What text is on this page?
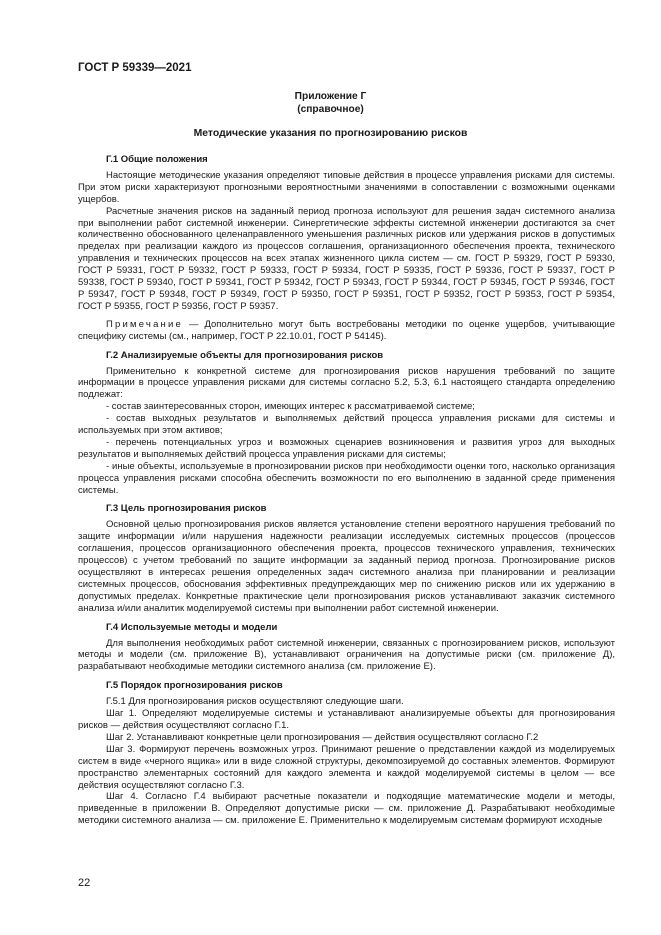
ГОСТ Р 59339—2021
Приложение Г
(справочное)
Методические указания по прогнозированию рисков
Г.1 Общие положения

Настоящие методические указания определяют типовые действия в процессе управления рисками для системы. При этом риски характеризуют прогнозными вероятностными значениями в сопоставлении с возможными оценками ущербов.

Расчетные значения рисков на заданный период прогноза используют для решения задач системного анализа при выполнении работ системной инженерии. Синергетические эффекты системной инженерии достигаются за счет количественно обоснованного целенаправленного уменьшения различных рисков или удержания рисков в допустимых пределах при реализации каждого из процессов соглашения, организационного обеспечения проекта, технического управления и технических процессов на всех этапах жизненного цикла систем — см. ГОСТ Р 59329, ГОСТ Р 59330, ГОСТ Р 59331, ГОСТ Р 59332, ГОСТ Р 59333, ГОСТ Р 59334, ГОСТ Р 59335, ГОСТ Р 59336, ГОСТ Р 59337, ГОСТ Р 59338, ГОСТ Р 59340, ГОСТ Р 59341, ГОСТ Р 59342, ГОСТ Р 59343, ГОСТ Р 59344, ГОСТ Р 59345, ГОСТ Р 59346, ГОСТ Р 59347, ГОСТ Р 59348, ГОСТ Р 59349, ГОСТ Р 59350, ГОСТ Р 59351, ГОСТ Р 59352, ГОСТ Р 59353, ГОСТ Р 59354, ГОСТ Р 59355, ГОСТ Р 59356, ГОСТ Р 59357.

Примечание — Дополнительно могут быть востребованы методики по оценке ущербов, учитывающие специфику системы (см., например, ГОСТ Р 22.10.01, ГОСТ Р 54145).

Г.2 Анализируемые объекты для прогнозирования рисков

Применительно к конкретной системе для прогнозирования рисков нарушения требований по защите информации в процессе управления рисками для системы согласно 5.2, 5.3, 6.1 настоящего стандарта определению подлежат:

- состав заинтересованных сторон, имеющих интерес к рассматриваемой системе;

- состав выходных результатов и выполняемых действий процесса управления рисками для системы и используемых при этом активов;

- перечень потенциальных угроз и возможных сценариев возникновения и развития угроз для выходных результатов и выполняемых действий процесса управления рисками для системы;

- иные объекты, используемые в прогнозировании рисков при необходимости оценки того, насколько организация процесса управления рисками способна обеспечить возможности по его выполнению в заданной среде применения системы.

Г.3 Цель прогнозирования рисков

Основной целью прогнозирования рисков является установление степени вероятного нарушения требований по защите информации и/или нарушения надежности реализации исследуемых системных процессов (процессов соглашения, процессов организационного обеспечения проекта, процессов технического управления, технических процессов) с учетом требований по защите информации за заданный период прогноза. Прогнозирование рисков осуществляют в интересах решения определенных задач системного анализа при планировании и реализации системных процессов, обоснования эффективных предупреждающих мер по снижению рисков или их удержанию в допустимых пределах. Конкретные практические цели прогнозирования рисков устанавливают заказчик системного анализа и/или аналитик моделируемой системы при выполнении работ системной инженерии.

Г.4 Используемые методы и модели

Для выполнения необходимых работ системной инженерии, связанных с прогнозированием рисков, используют методы и модели (см. приложение В), устанавливают ограничения на допустимые риски (см. приложение Д), разрабатывают необходимые методики системного анализа (см. приложение Е).

Г.5 Порядок прогнозирования рисков

Г.5.1 Для прогнозирования рисков осуществляют следующие шаги.

Шаг 1. Определяют моделируемые системы и устанавливают анализируемые объекты для прогнозирования рисков — действия осуществляют согласно Г.1.

Шаг 2. Устанавливают конкретные цели прогнозирования — действия осуществляют согласно Г.2

Шаг 3. Формируют перечень возможных угроз. Принимают решение о представлении каждой из моделируемых систем в виде «черного ящика» или в виде сложной структуры, декомпозируемой до составных элементов. Формируют пространство элементарных состояний для каждого элемента и каждой моделируемой системы в целом — все действия осуществляют согласно Г.3.

Шаг 4. Согласно Г.4 выбирают расчетные показатели и подходящие математические модели и методы, приведенные в приложении В. Определяют допустимые риски — см. приложение Д. Разрабатывают необходимые методики системного анализа — см. приложение Е. Применительно к моделируемым системам формируют исходные

22
